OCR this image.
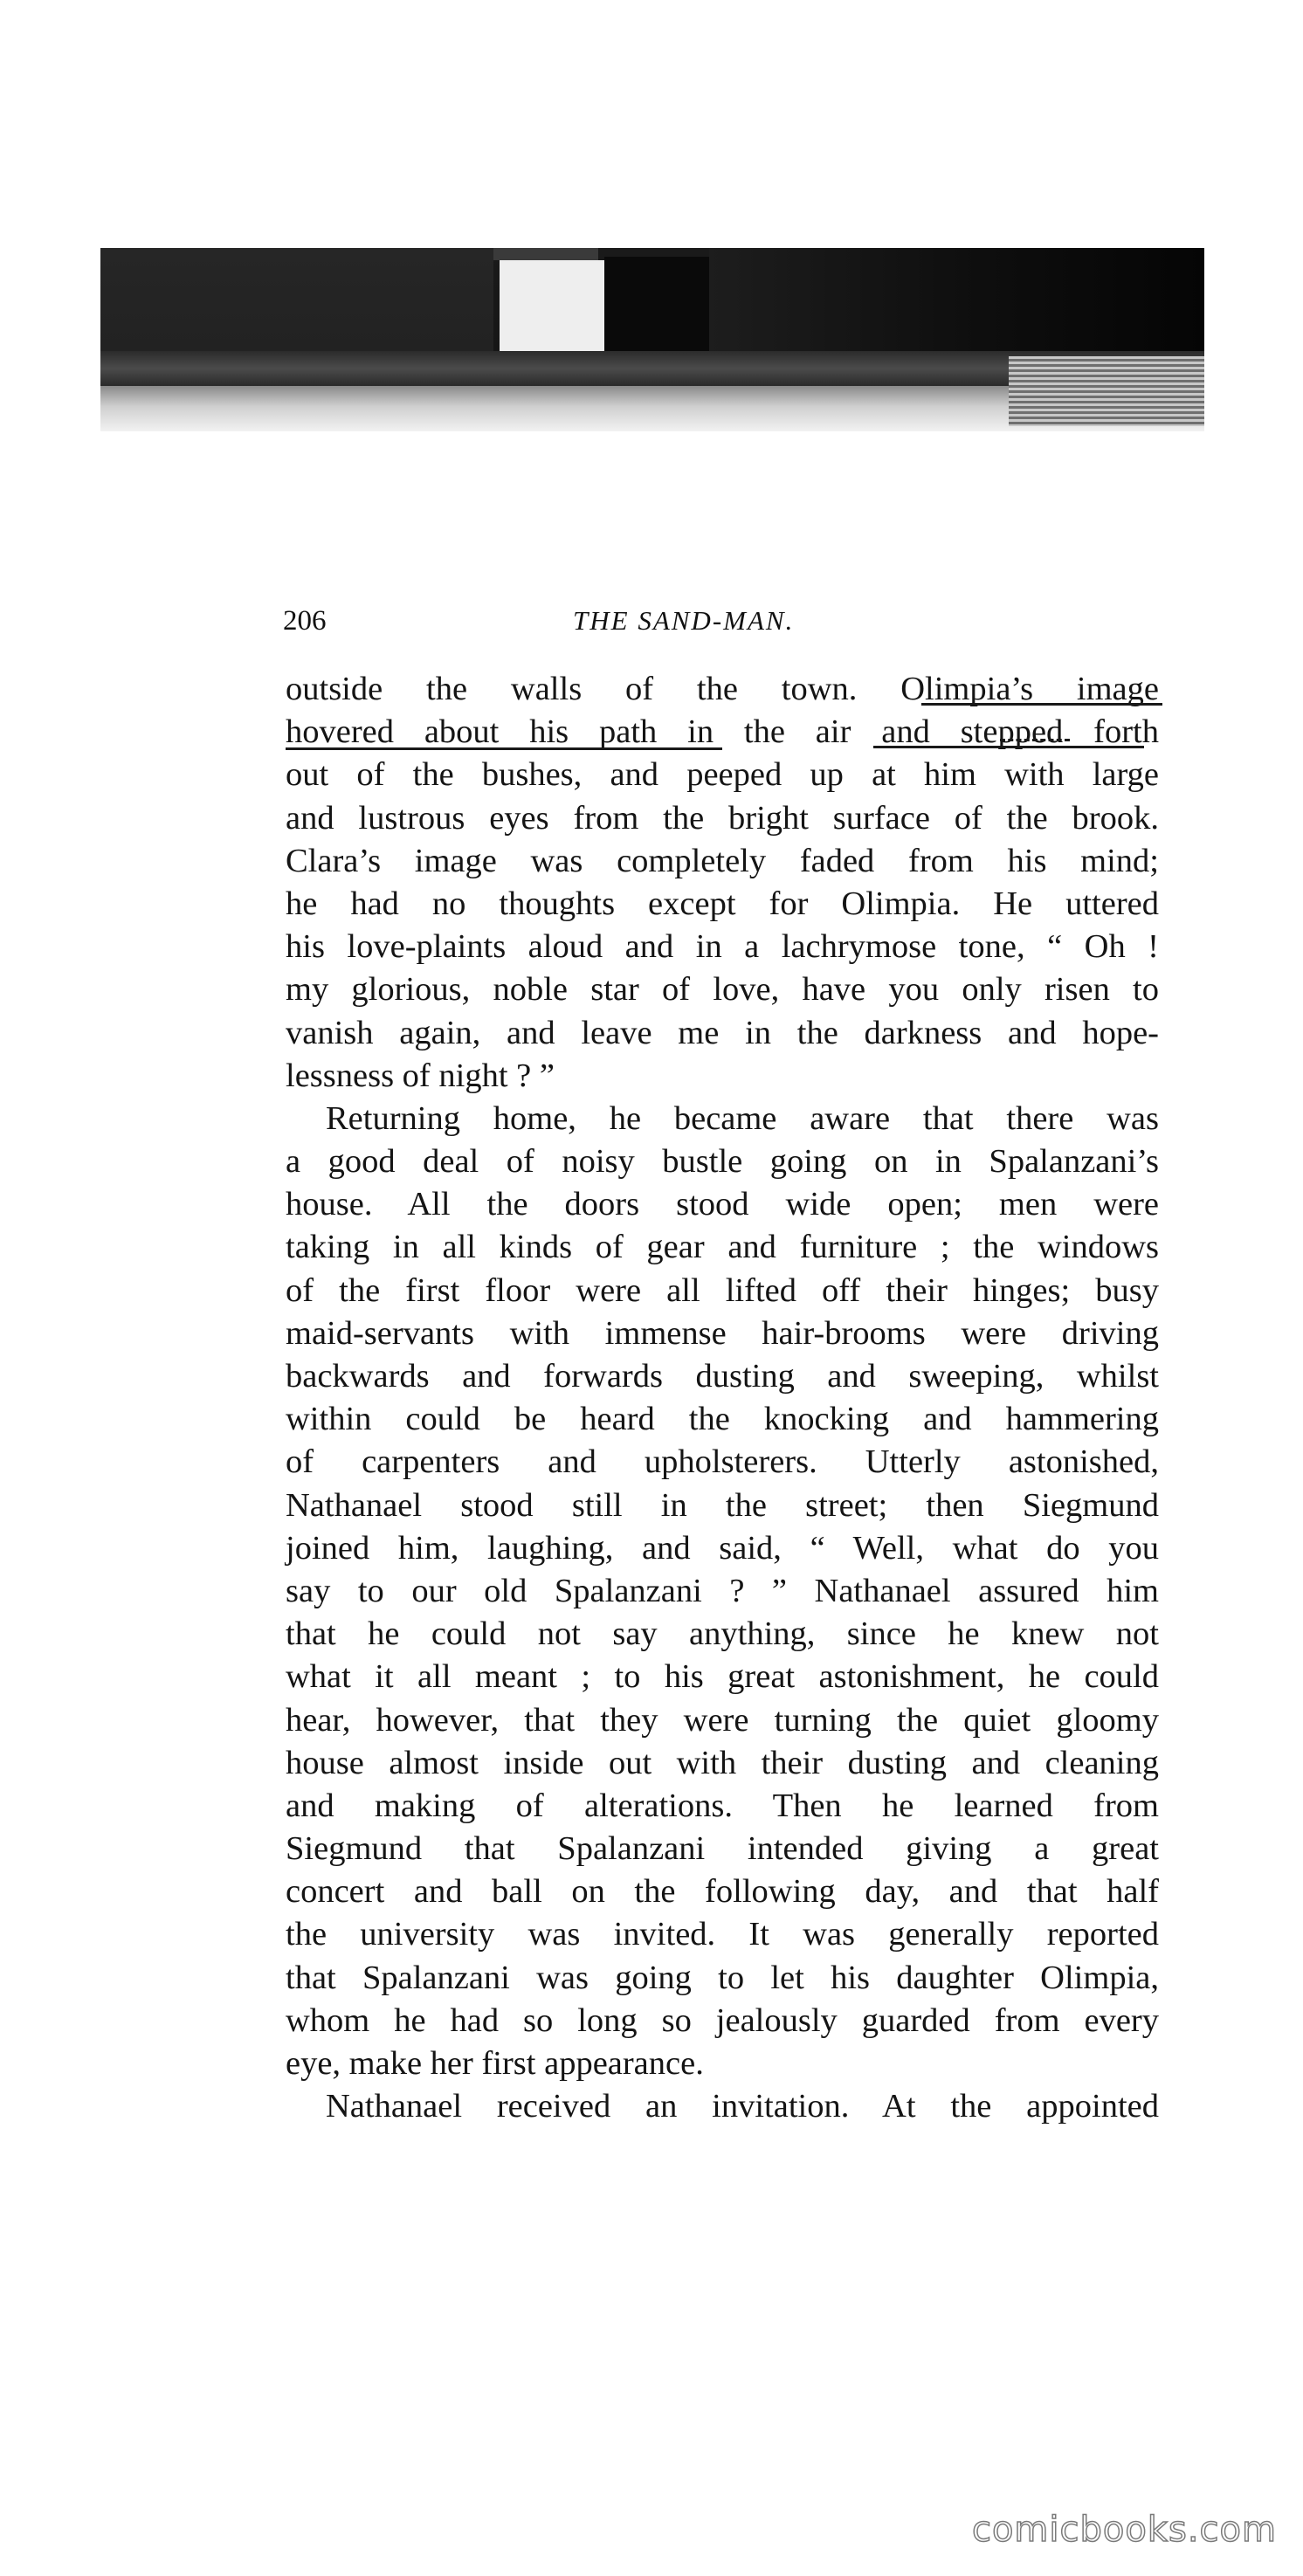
206	THE SAND-MAN.
outside the walls of the town. Olimpia’s image
hovered about his path in the air and stepped forth
out of the bushes, and peeped up at him with large
and lustrous eyes from the bright surface of the brook.
Clara’s image was completely faded from his mind;
he had no thoughts except for Olimpia. He uttered
his love-plaints aloud and in a lachrymose tone, “ Oh !
my glorious, noble star of love, have you only risen to
vanish again, and leave me in the darkness and hope-
lessness of night ? ”
Returning home, he became aware that there was
a good deal of noisy bustle going on in Spalanzani’s
house. All the doors stood wide open; men were
taking in all kinds of gear and furniture ; the windows
of the first floor were all lifted off their hinges; busy
maid-servants with immense hair-brooms were driving
backwards and forwards dusting and sweeping, whilst
within could be heard the knocking and hammering
of carpenters and upholsterers. Utterly astonished,
Nathanael stood still in the street; then Siegmund
joined him, laughing, and said, “ Well, what do you
say to our old Spalanzani ? ” Nathanael assured him
that he could not say anything, since he knew not
what it all meant ; to his great astonishment, he could
hear, however, that they were turning the quiet gloomy
house almost inside out with their dusting and cleaning
and making of alterations. Then he learned from
Siegmund that Spalanzani intended giving a great
concert and ball on the following day, and that half
the university was invited. It was generally reported
that Spalanzani was going to let his daughter Olimpia,
whom he had so long so jealously guarded from every
eye, make her first appearance.
Nathanael received an invitation. At the appointed
comicbooks.com
